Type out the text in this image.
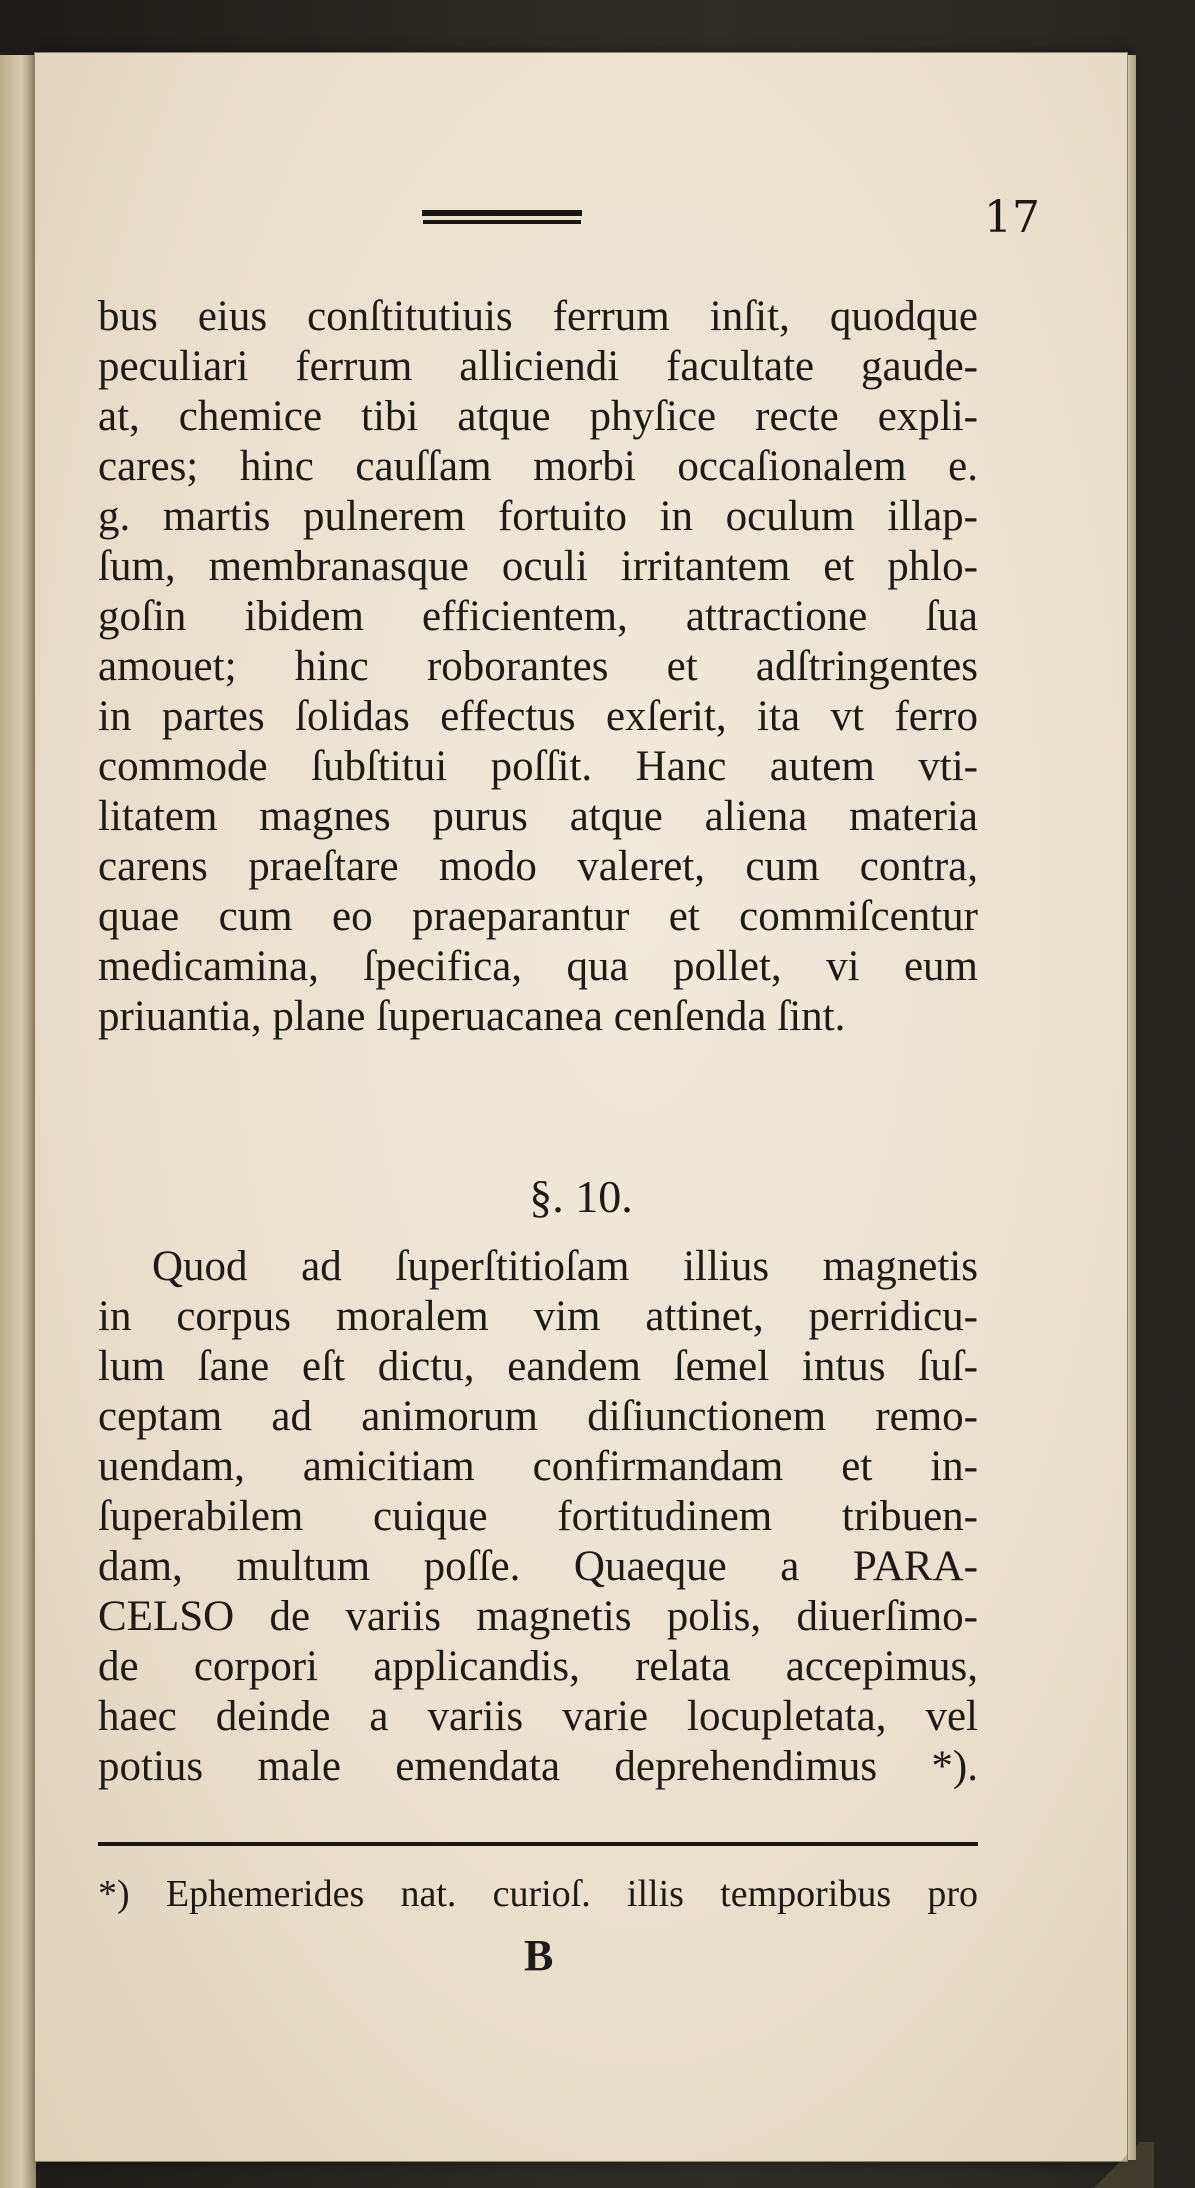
17
bus eius conſtitutiuis ferrum inſit, quodque
peculiari ferrum alliciendi facultate gaude-
at, chemice tibi atque phyſice recte expli-
cares; hinc cauſſam morbi occaſionalem e.
g. martis pulnerem fortuito in oculum illap-
ſum, membranasque oculi irritantem et phlo-
goſin ibidem efficientem, attractione ſua
amouet; hinc roborantes et adſtringentes
in partes ſolidas effectus exſerit, ita vt ferro
commode ſubſtitui poſſit. Hanc autem vti-
litatem magnes purus atque aliena materia
carens praeſtare modo valeret, cum contra,
quae cum eo praeparantur et commiſcentur
medicamina, ſpecifica, qua pollet, vi eum
priuantia, plane ſuperuacanea cenſenda ſint.
§. 10.
Quod ad ſuperſtitioſam illius magnetis
in corpus moralem vim attinet, perridicu-
lum ſane eſt dictu, eandem ſemel intus ſuſ-
ceptam ad animorum diſiunctionem remo-
uendam, amicitiam confirmandam et in-
ſuperabilem cuique fortitudinem tribuen-
dam, multum poſſe. Quaeque a PARA-
CELSO de variis magnetis polis, diuerſimo-
de corpori applicandis, relata accepimus,
haec deinde a variis varie locupletata, vel
potius male emendata deprehendimus *).
*) Ephemerides nat. curioſ. illis temporibus pro
B
